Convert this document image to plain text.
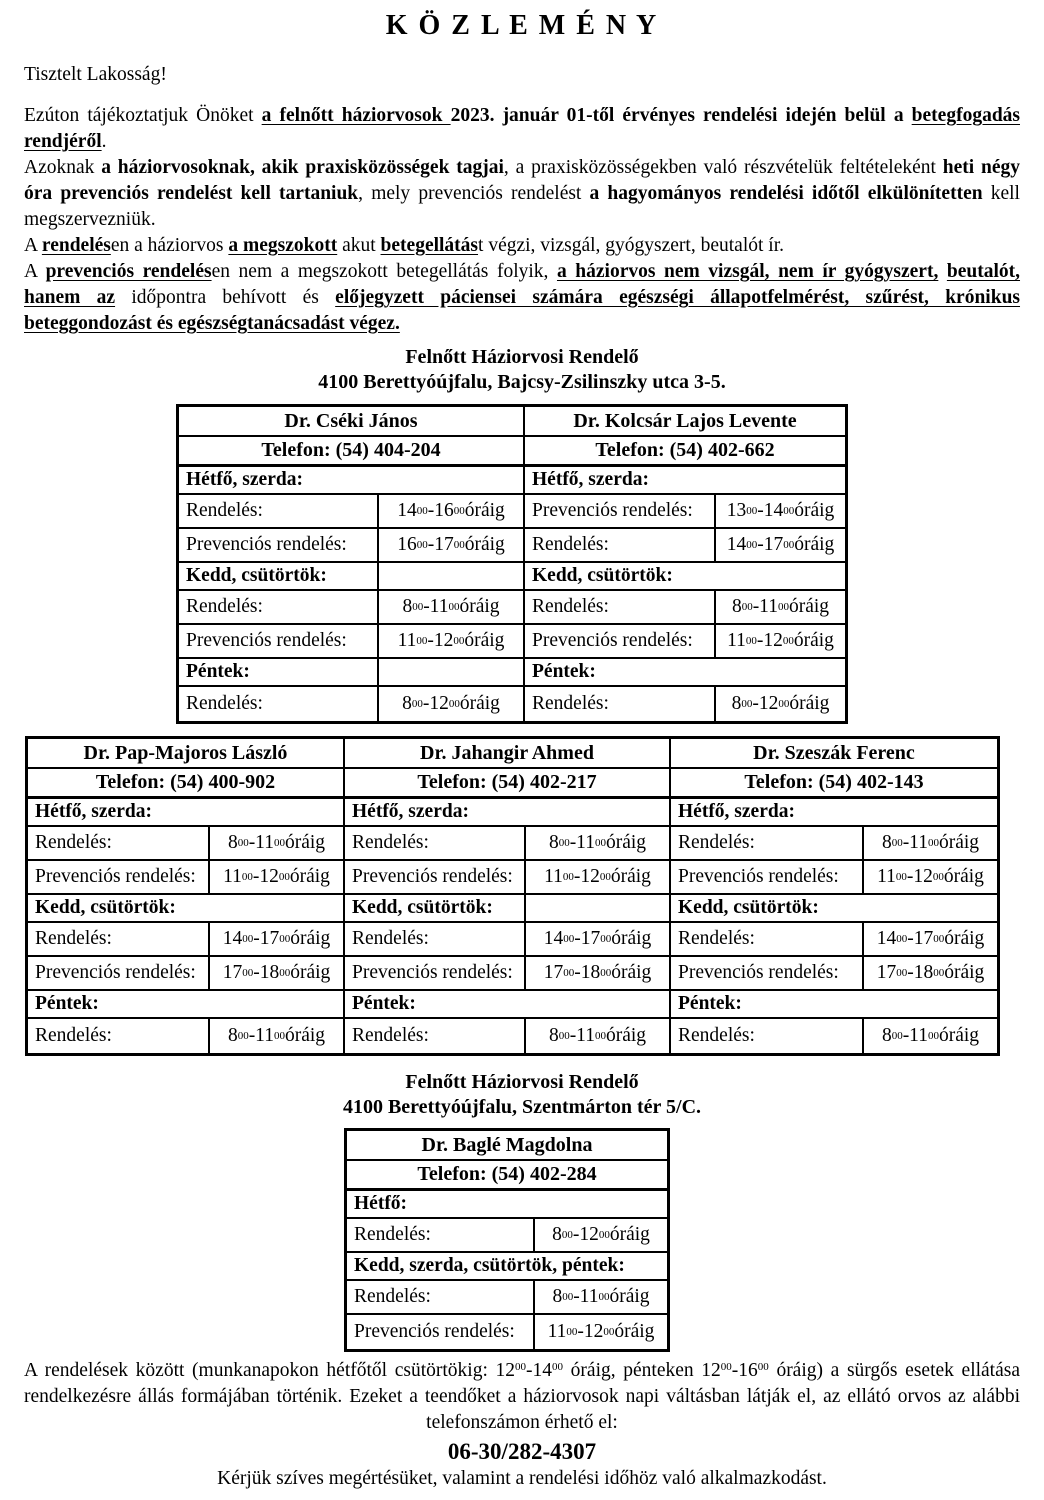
K Ö Z L E M É N Y
Tisztelt Lakosság!

Ezúton tájékoztatjuk Önöket a felnőtt háziorvosok 2023. január 01-től érvényes rendelési idején belül a betegfogadás rendjéről.

Azoknak a háziorvosoknak, akik praxisközösségek tagjai, a praxisközösségekben való részvételük feltételeként heti négy óra prevenciós rendelést kell tartaniuk, mely prevenciós rendelést a hagyományos rendelési időtől elkülönítetten kell megszervezniük.

A rendelésen a háziorvos a megszokott akut betegellátást végzi, vizsgál, gyógyszert, beutalót ír.

A prevenciós rendelésen nem a megszokott betegellátás folyik, a háziorvos nem vizsgál, nem ír gyógyszert, beutalót, hanem az időpontra behívott és előjegyzett páciensei számára egészségi állapotfelmérést, szűrést, krónikus beteggondozást és egészségtanácsadást végez.

Felnőtt Háziorvosi Rendelő
4100 Berettyóújfalu, Bajcsy-Zsilinszky utca 3-5.
Dr. Cséki János	Dr. Kolcsár Lajos Levente
Telefon: (54) 404-204	Telefon: (54) 402-662
Hétfő, szerda:	Hétfő, szerda:
Rendelés:	14 00 -16 00 óráig	Prevenciós rendelés:	13 00 -14 00 óráig
Prevenciós rendelés:	16 00 -17 00 óráig	Rendelés:	14 00 -17 00 óráig
Kedd, csütörtök:	Kedd, csütörtök:
Rendelés:	8 00 -11 00 óráig	Rendelés:	8 00 -11 00 óráig
Prevenciós rendelés:	11 00 -12 00 óráig	Prevenciós rendelés:	11 00 -12 00 óráig
Péntek:	Péntek:
Rendelés:	8 00 -12 00 óráig	Rendelés:	8 00 -12 00 óráig
Dr. Pap-Majoros László	Dr. Jahangir Ahmed	Dr. Szeszák Ferenc
Telefon: (54) 400-902	Telefon: (54) 402-217	Telefon: (54) 402-143
Hétfő, szerda:	Hétfő, szerda:	Hétfő, szerda:
Rendelés:	8 00 -11 00 óráig	Rendelés:	8 00 -11 00 óráig	Rendelés:	8 00 -11 00 óráig
Prevenciós rendelés:	11 00 -12 00 óráig	Prevenciós rendelés:	11 00 -12 00 óráig	Prevenciós rendelés:	11 00 -12 00 óráig
Kedd, csütörtök:	Kedd, csütörtök:	Kedd, csütörtök:
Rendelés:	14 00 -17 00 óráig	Rendelés:	14 00 -17 00 óráig	Rendelés:	14 00 -17 00 óráig
Prevenciós rendelés:	17 00 -18 00 óráig	Prevenciós rendelés:	17 00 -18 00 óráig	Prevenciós rendelés:	17 00 -18 00 óráig
Péntek:	Péntek:	Péntek:
Rendelés:	8 00 -11 00 óráig	Rendelés:	8 00 -11 00 óráig	Rendelés:	8 00 -11 00 óráig
Felnőtt Háziorvosi Rendelő
4100 Berettyóújfalu, Szentmárton tér 5/C.
Dr. Baglé Magdolna
Telefon: (54) 402-284
Hétfő:
Rendelés:	8 00 -12 00 óráig
Kedd, szerda, csütörtök, péntek:
Rendelés:	8 00 -11 00 óráig
Prevenciós rendelés:	11 00 -12 00 óráig
A rendelések között (munkanapokon hétfőtől csütörtökig: $12^{00}-14^{00}$ óráig, pénteken $12^{00}-16^{00}$ óráig) a sürgős esetek ellátása rendelkezésre állás formájában történik. Ezeket a teendőket a háziorvosok napi váltásban látják el, az ellátó orvos az alábbi telefonszámon érhető el:
06-30/282-4307
Kérjük szíves megértésüket, valamint a rendelési időhöz való alkalmazkodást.
